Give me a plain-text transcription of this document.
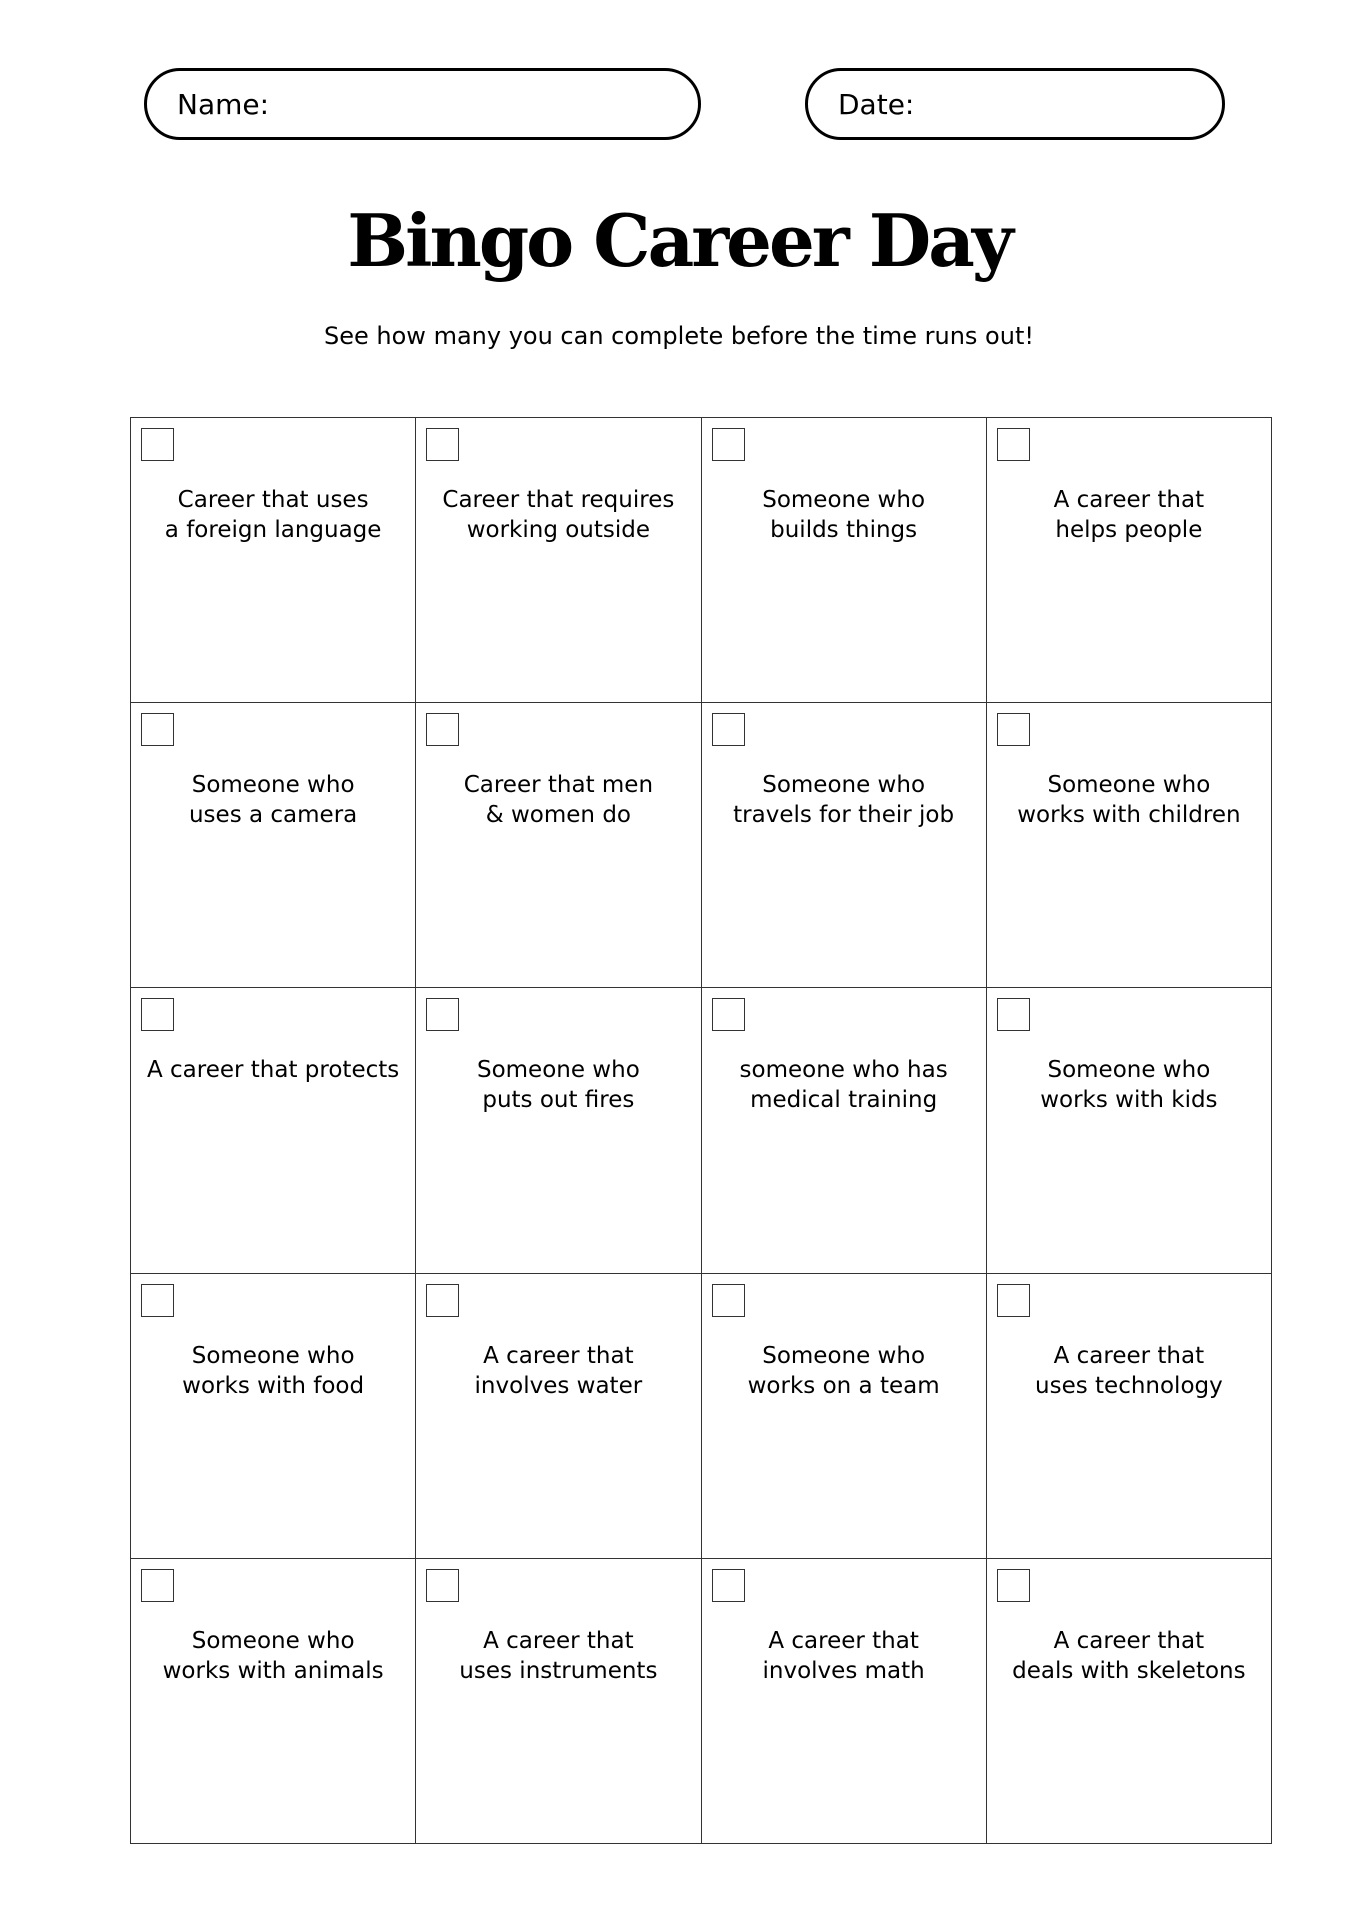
Name:	Date:
Bingo Career Day
See how many you can complete before the time runs out!
Career that uses
a foreign language
Career that requires
working outside
Someone who
builds things
A career that
helps people
Someone who
uses a camera
Career that men
& women do
Someone who
travels for their job
Someone who
works with children
A career that protects	Someone who
puts out fires
someone who has
medical training
Someone who
works with kids
Someone who
works with food
A career that
involves water
Someone who
works on a team
A career that
uses technology
Someone who
works with animals
A career that
uses instruments
A career that
involves math
A career that
deals with skeletons
